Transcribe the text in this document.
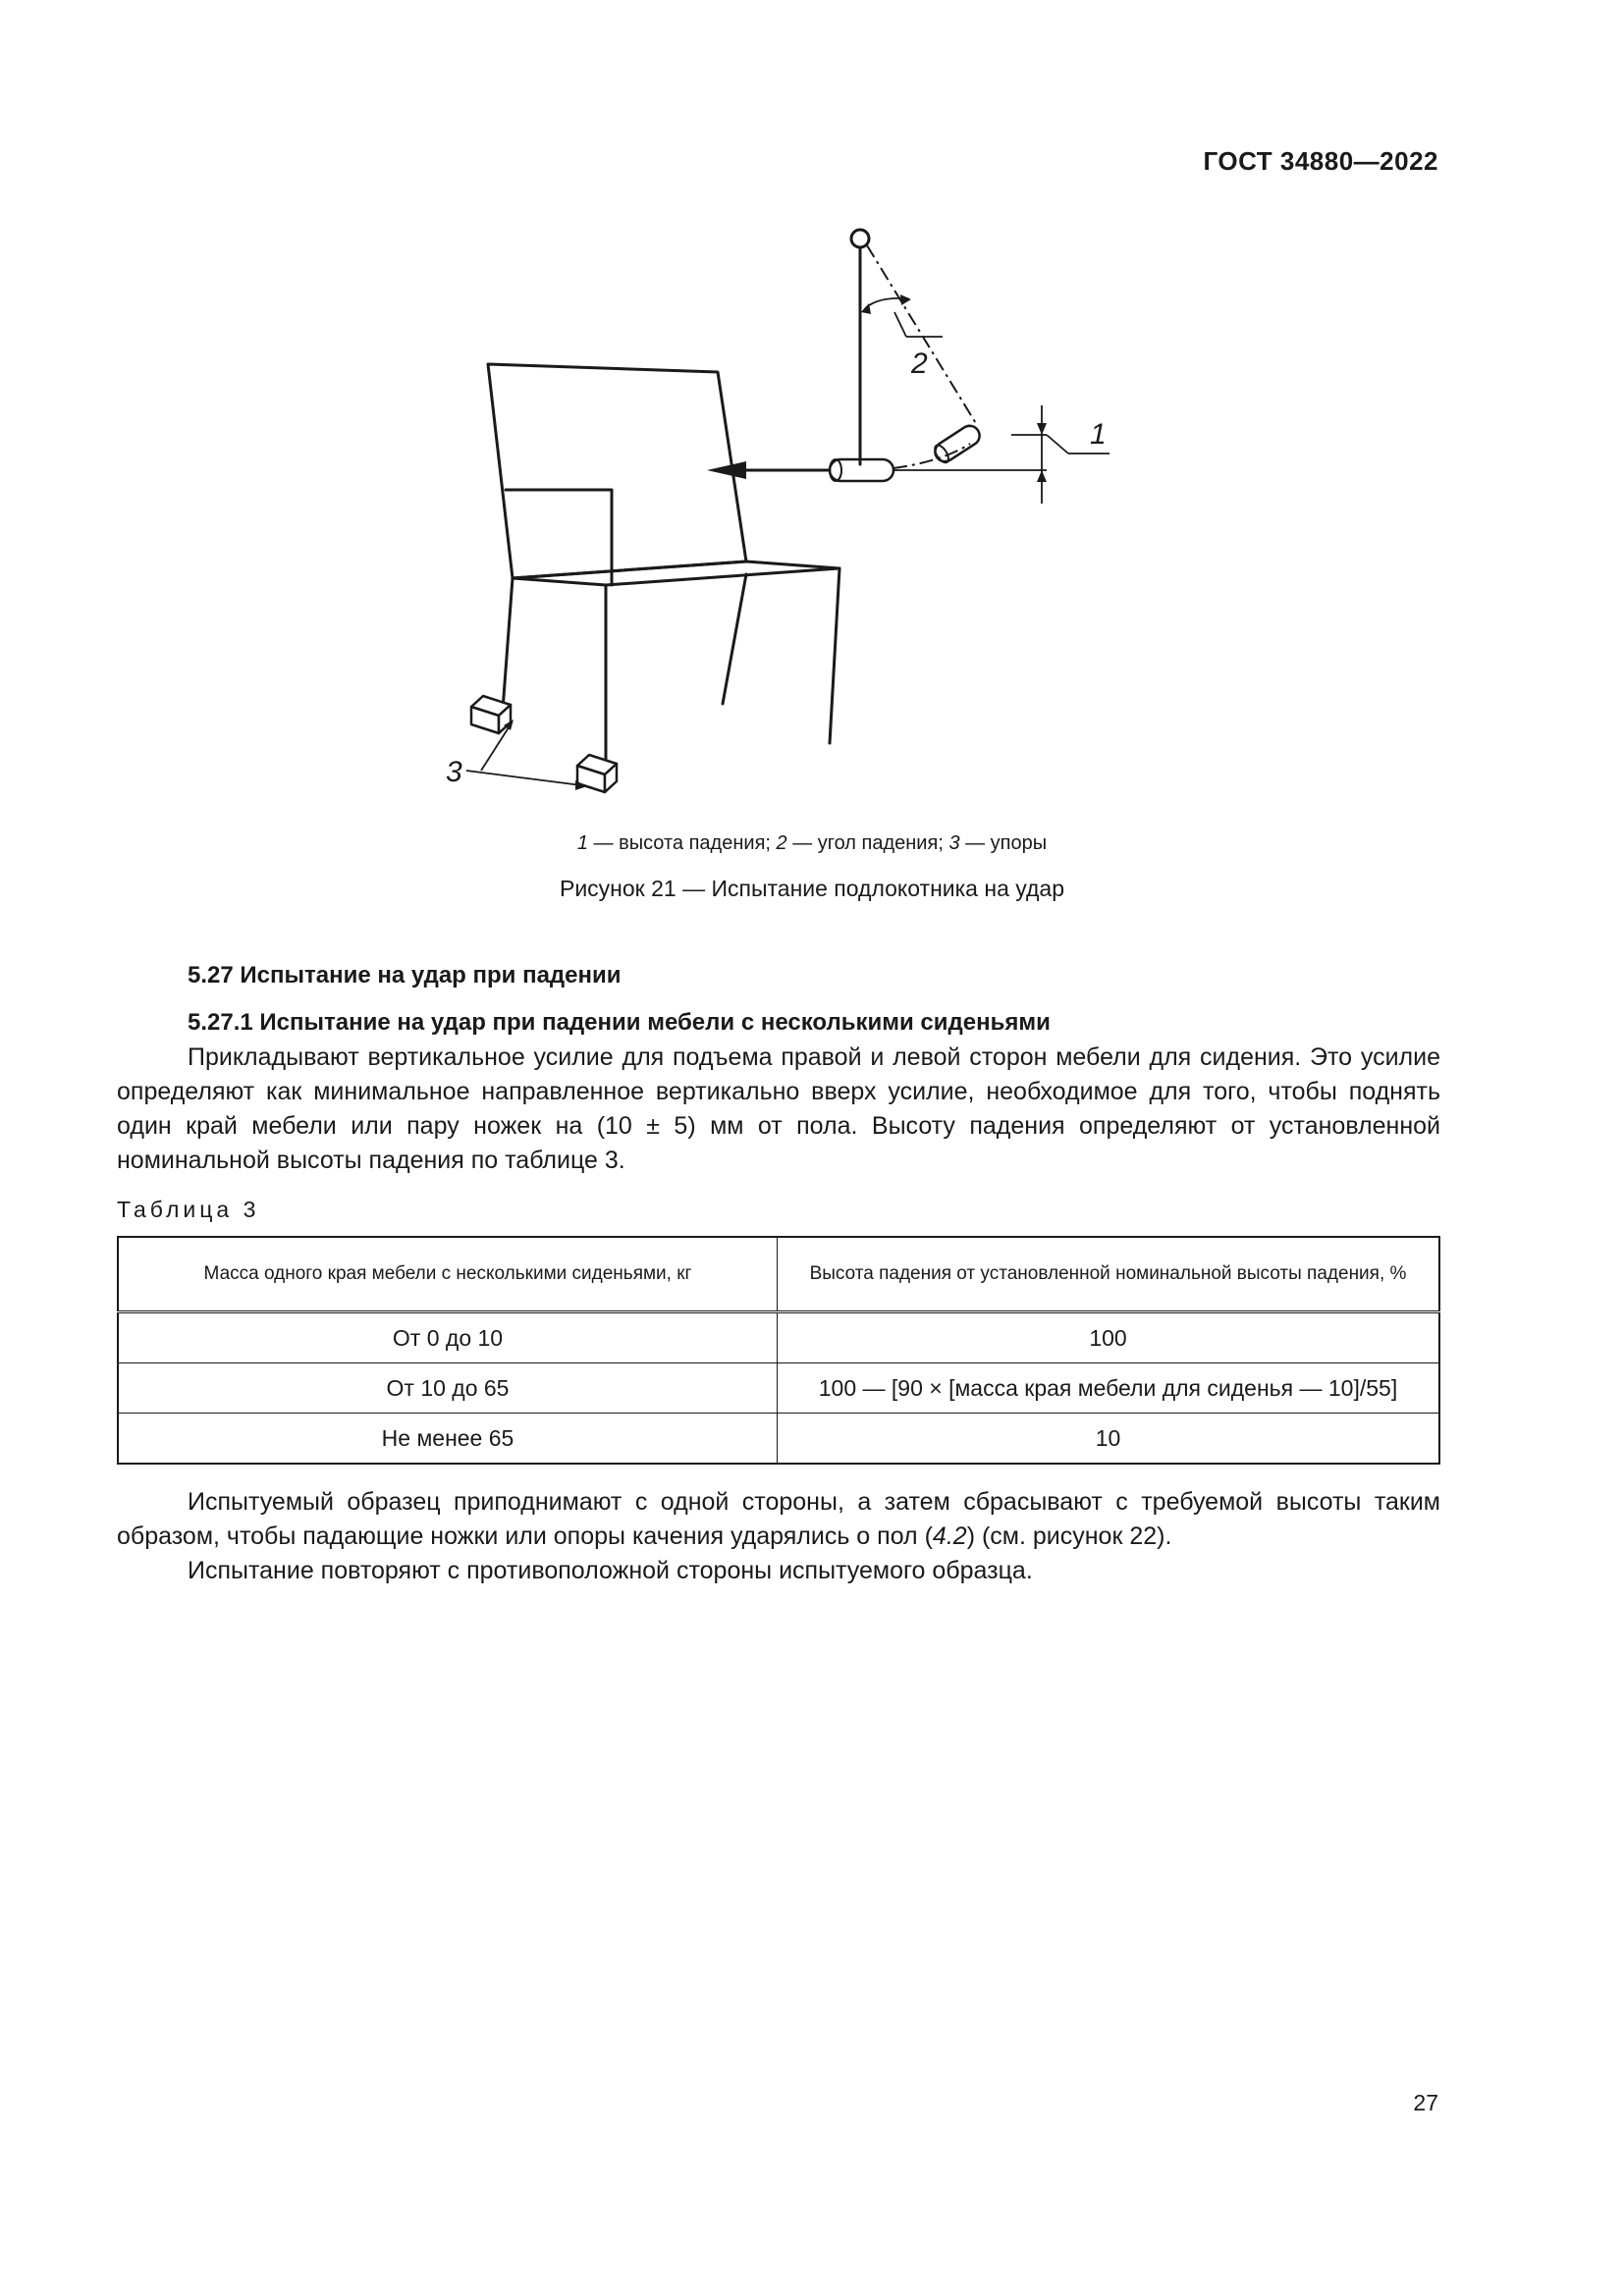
ГОСТ 34880—2022
2
1
3
1 — высота падения; 2 — угол падения; 3 — упоры
Рисунок 21 — Испытание подлокотника на удар
5.27 Испытание на удар при падении
5.27.1 Испытание на удар при падении мебели с несколькими сиденьями
Прикладывают вертикальное усилие для подъема правой и левой сторон мебели для сидения. Это усилие определяют как минимальное направленное вертикально вверх усилие, необходимое для того, чтобы поднять один край мебели или пару ножек на (10 ± 5) мм от пола. Высоту падения определяют от установленной номинальной высоты падения по таблице 3.
Таблица 3
Масса одного края мебели с несколькими сиденьями, кг	Высота падения от установленной номинальной высоты падения, %
От 0 до 10	100
От 10 до 65	100 — [90 × [масса края мебели для сиденья — 10]/55]
Не менее 65	10
Испытуемый образец приподнимают с одной стороны, а затем сбрасывают с требуемой высоты таким образом, чтобы падающие ножки или опоры качения ударялись о пол (4.2) (см. рисунок 22).
Испытание повторяют с противоположной стороны испытуемого образца.
27
